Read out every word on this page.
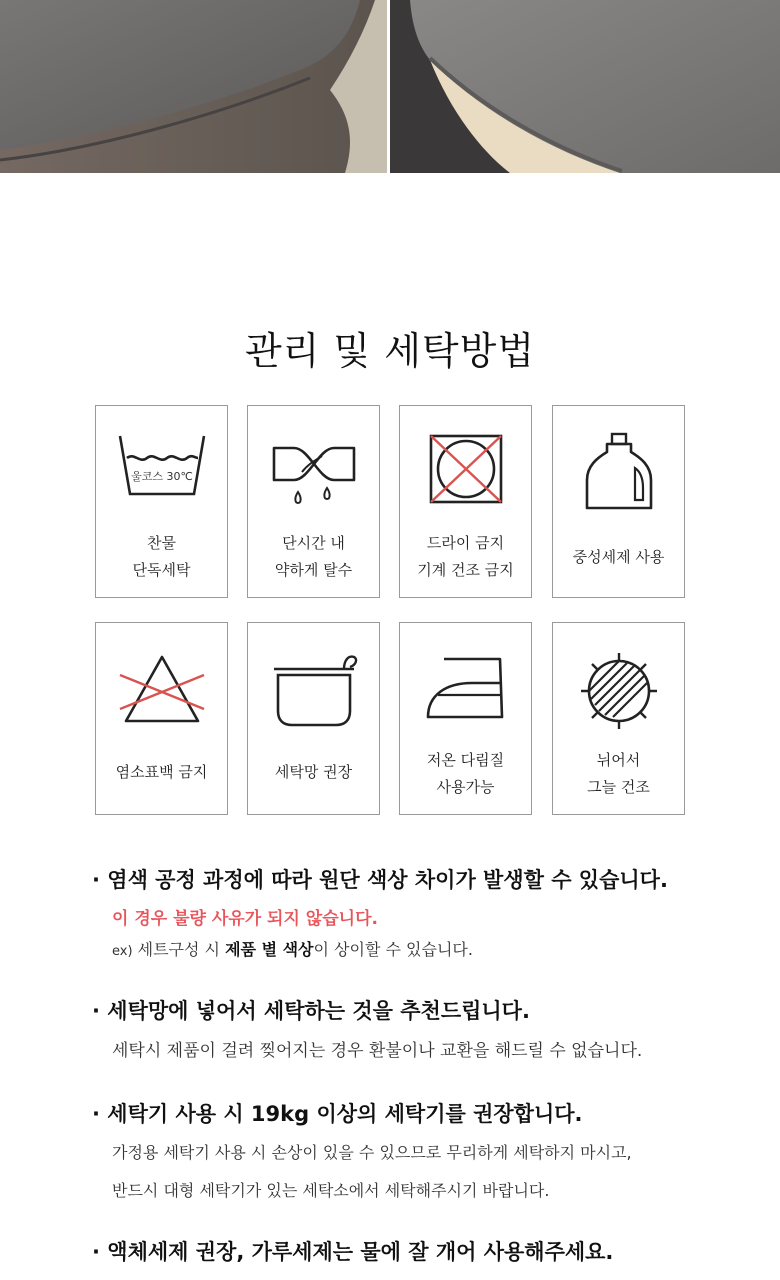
관리 및 세탁방법
울코스 30℃
찬물
단독세탁
단시간 내
약하게 탈수
드라이 금지
기계 건조 금지
중성세제 사용
염소표백 금지	세탁망 권장
저온 다림질
사용가능
뉘어서
그늘 건조
· 염색 공정 과정에 따라 원단 색상 차이가 발생할 수 있습니다.
이 경우 불량 사유가 되지 않습니다.
ex) 세트구성 시 제품 별 색상이 상이할 수 있습니다.
· 세탁망에 넣어서 세탁하는 것을 추천드립니다.
세탁시 제품이 걸려 찢어지는 경우 환불이나 교환을 해드릴 수 없습니다.
· 세탁기 사용 시 19kg 이상의 세탁기를 권장합니다.
가정용 세탁기 사용 시 손상이 있을 수 있으므로 무리하게 세탁하지 마시고,
반드시 대형 세탁기가 있는 세탁소에서 세탁해주시기 바랍니다.
· 액체세제 권장, 가루세제는 물에 잘 개어 사용해주세요.
